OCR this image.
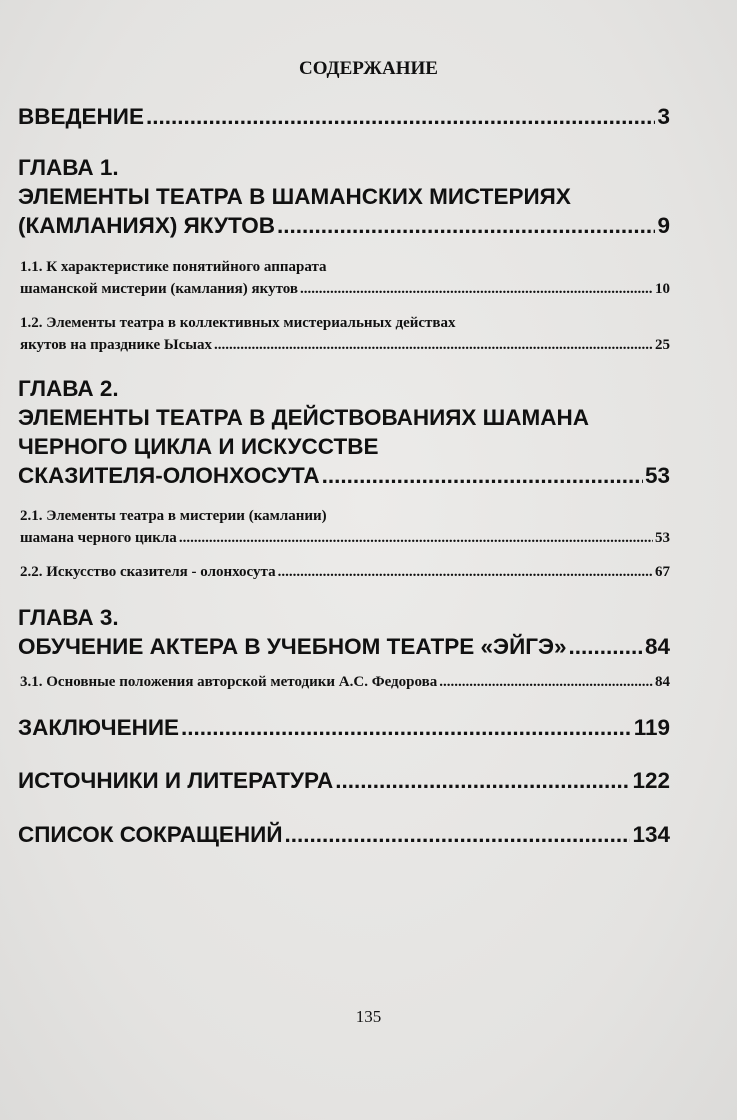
СОДЕРЖАНИЕ
ВВЕДЕНИЕ .....	3
ГЛАВА 1.
ЭЛЕМЕНТЫ ТЕАТРА В ШАМАНСКИХ МИСТЕРИЯХ
(КАМЛАНИЯХ) ЯКУТОВ .....	9
1.1. К характеристике понятийного аппарата
шаманской мистерии (камлания) якутов .....	10
1.2. Элементы театра в коллективных мистериальных действах
якутов на празднике Ысыах .....	25
ГЛАВА 2.
ЭЛЕМЕНТЫ ТЕАТРА В ДЕЙСТВОВАНИЯХ ШАМАНА
ЧЕРНОГО ЦИКЛА И ИСКУССТВЕ
СКАЗИТЕЛЯ-ОЛОНХОСУТА .....	53
2.1. Элементы театра в мистерии (камлании)
шамана черного цикла .....	53
2.2. Искусство сказителя - олонхосута .....	67
ГЛАВА 3.
ОБУЧЕНИЕ АКТЕРА В УЧЕБНОМ ТЕАТРЕ «ЭЙГЭ» .....	84
3.1. Основные положения авторской методики А.С. Федорова .....	84
ЗАКЛЮЧЕНИЕ .....	119
ИСТОЧНИКИ И ЛИТЕРАТУРА .....	122
СПИСОК СОКРАЩЕНИЙ .....	134
135
